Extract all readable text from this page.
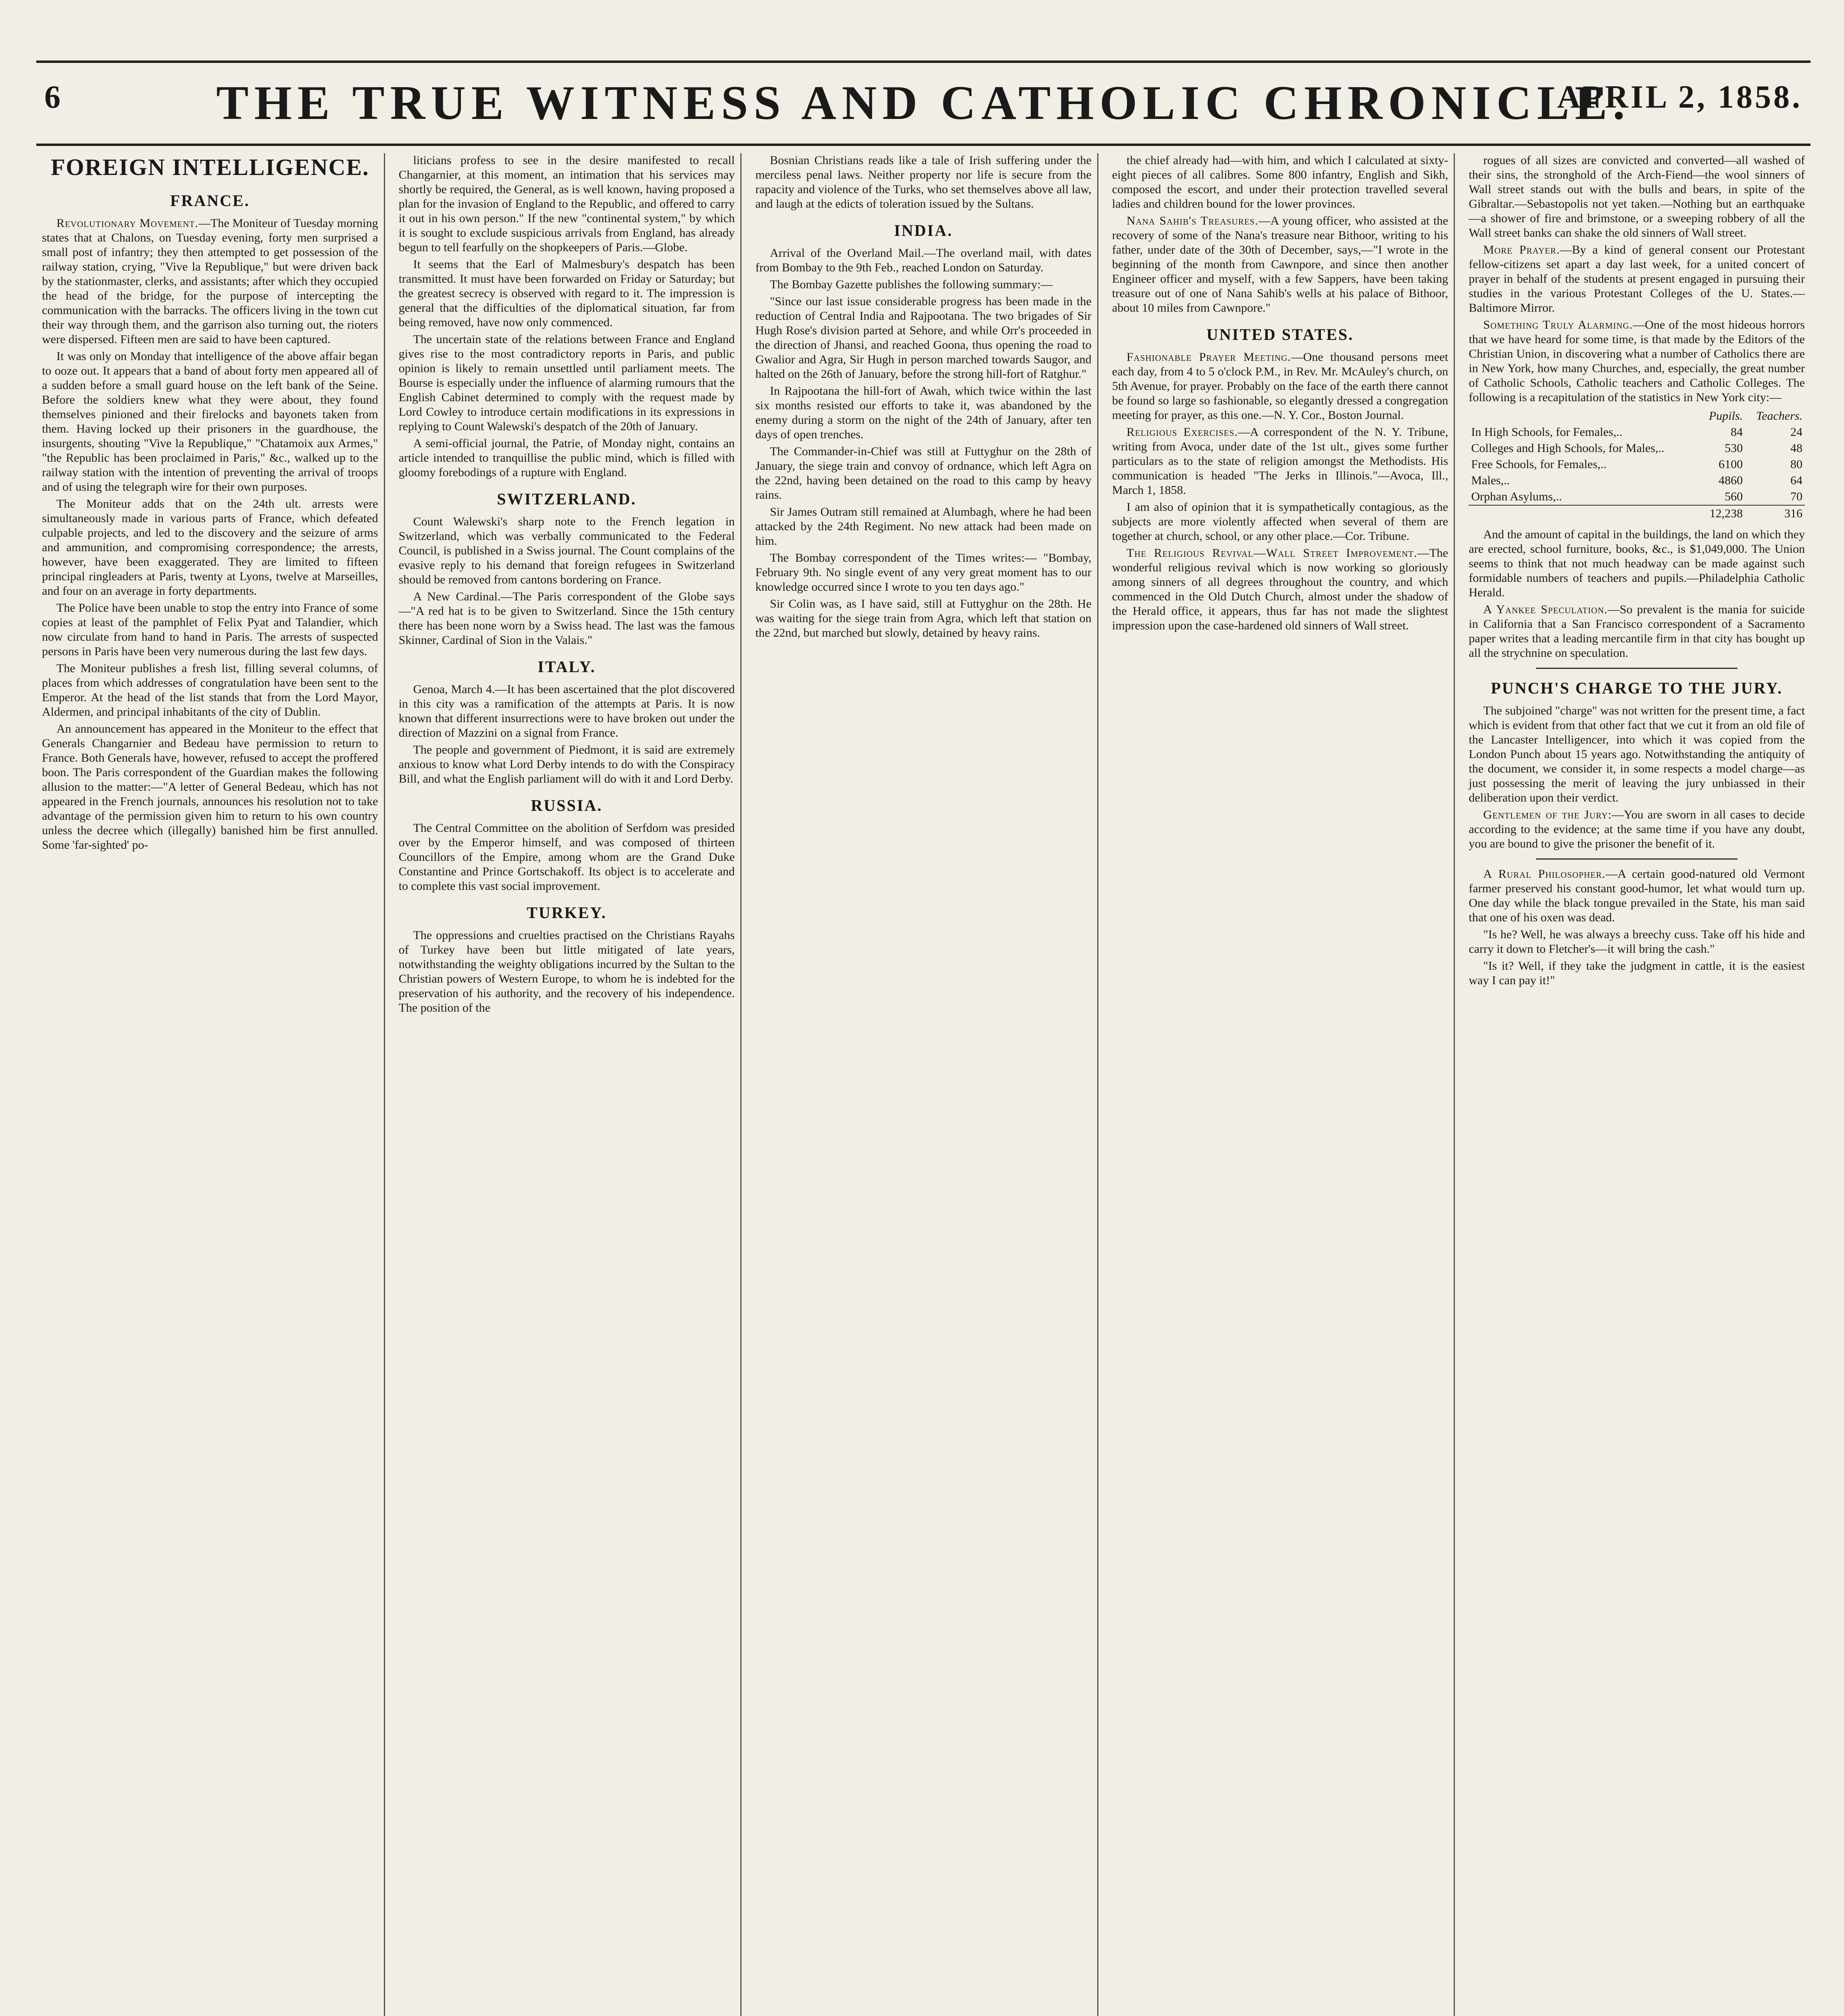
6	THE TRUE WITNESS AND CATHOLIC CHRONICLE.
APRIL 2, 1858.
FOREIGN INTELLIGENCE.
FRANCE.

Revolutionary Movement.—The Moniteur of Tuesday morning states that at Chalons, on Tuesday evening, forty men surprised a small post of infantry; they then attempted to get possession of the railway station, crying, "Vive la Republique," but were driven back by the stationmaster, clerks, and assistants; after which they occupied the head of the bridge, for the purpose of intercepting the communication with the barracks. The officers living in the town cut their way through them, and the garrison also turning out, the rioters were dispersed. Fifteen men are said to have been captured.

It was only on Monday that intelligence of the above affair began to ooze out. It appears that a band of about forty men appeared all of a sudden before a small guard house on the left bank of the Seine. Before the soldiers knew what they were about, they found themselves pinioned and their firelocks and bayonets taken from them. Having locked up their prisoners in the guardhouse, the insurgents, shouting "Vive la Republique," "Chatamoix aux Armes," "the Republic has been proclaimed in Paris," &c., walked up to the railway station with the intention of preventing the arrival of troops and of using the telegraph wire for their own purposes.

The Moniteur adds that on the 24th ult. arrests were simultaneously made in various parts of France, which defeated culpable projects, and led to the discovery and the seizure of arms and ammunition, and compromising correspondence; the arrests, however, have been exaggerated. They are limited to fifteen principal ringleaders at Paris, twenty at Lyons, twelve at Marseilles, and four on an average in forty departments.

The Police have been unable to stop the entry into France of some copies at least of the pamphlet of Felix Pyat and Talandier, which now circulate from hand to hand in Paris. The arrests of suspected persons in Paris have been very numerous during the last few days.

The Moniteur publishes a fresh list, filling several columns, of places from which addresses of congratulation have been sent to the Emperor. At the head of the list stands that from the Lord Mayor, Aldermen, and principal inhabitants of the city of Dublin.

An announcement has appeared in the Moniteur to the effect that Generals Changarnier and Bedeau have permission to return to France. Both Generals have, however, refused to accept the proffered boon. The Paris correspondent of the Guardian makes the following allusion to the matter:—"A letter of General Bedeau, which has not appeared in the French journals, announces his resolution not to take advantage of the permission given him to return to his own country unless the decree which (illegally) banished him be first annulled. Some 'far-sighted' po-

liticians profess to see in the desire manifested to recall Changarnier, at this moment, an intimation that his services may shortly be required, the General, as is well known, having proposed a plan for the invasion of England to the Republic, and offered to carry it out in his own person." If the new "continental system," by which it is sought to exclude suspicious arrivals from England, has already begun to tell fearfully on the shopkeepers of Paris.—Globe.

It seems that the Earl of Malmesbury's despatch has been transmitted. It must have been forwarded on Friday or Saturday; but the greatest secrecy is observed with regard to it. The impression is general that the difficulties of the diplomatical situation, far from being removed, have now only commenced.

The uncertain state of the relations between France and England gives rise to the most contradictory reports in Paris, and public opinion is likely to remain unsettled until parliament meets. The Bourse is especially under the influence of alarming rumours that the English Cabinet determined to comply with the request made by Lord Cowley to introduce certain modifications in its expressions in replying to Count Walewski's despatch of the 20th of January.

A semi-official journal, the Patrie, of Monday night, contains an article intended to tranquillise the public mind, which is filled with gloomy forebodings of a rupture with England.

SWITZERLAND.

Count Walewski's sharp note to the French legation in Switzerland, which was verbally communicated to the Federal Council, is published in a Swiss journal. The Count complains of the evasive reply to his demand that foreign refugees in Switzerland should be removed from cantons bordering on France.

A New Cardinal.—The Paris correspondent of the Globe says—"A red hat is to be given to Switzerland. Since the 15th century there has been none worn by a Swiss head. The last was the famous Skinner, Cardinal of Sion in the Valais."

ITALY.

Genoa, March 4.—It has been ascertained that the plot discovered in this city was a ramification of the attempts at Paris. It is now known that different insurrections were to have broken out under the direction of Mazzini on a signal from France.

The people and government of Piedmont, it is said are extremely anxious to know what Lord Derby intends to do with the Conspiracy Bill, and what the English parliament will do with it and Lord Derby.

RUSSIA.

The Central Committee on the abolition of Serfdom was presided over by the Emperor himself, and was composed of thirteen Councillors of the Empire, among whom are the Grand Duke Constantine and Prince Gortschakoff. Its object is to accelerate and to complete this vast social improvement.

TURKEY.

The oppressions and cruelties practised on the Christians Rayahs of Turkey have been but little mitigated of late years, notwithstanding the weighty obligations incurred by the Sultan to the Christian powers of Western Europe, to whom he is indebted for the preservation of his authority, and the recovery of his independence. The position of the

Bosnian Christians reads like a tale of Irish suffering under the merciless penal laws. Neither property nor life is secure from the rapacity and violence of the Turks, who set themselves above all law, and laugh at the edicts of toleration issued by the Sultans.

INDIA.

Arrival of the Overland Mail.—The overland mail, with dates from Bombay to the 9th Feb., reached London on Saturday.

The Bombay Gazette publishes the following summary:—

"Since our last issue considerable progress has been made in the reduction of Central India and Rajpootana. The two brigades of Sir Hugh Rose's division parted at Sehore, and while Orr's proceeded in the direction of Jhansi, and reached Goona, thus opening the road to Gwalior and Agra, Sir Hugh in person marched towards Saugor, and halted on the 26th of January, before the strong hill-fort of Ratghur."

In Rajpootana the hill-fort of Awah, which twice within the last six months resisted our efforts to take it, was abandoned by the enemy during a storm on the night of the 24th of January, after ten days of open trenches.

The Commander-in-Chief was still at Futtyghur on the 28th of January, the siege train and convoy of ordnance, which left Agra on the 22nd, having been detained on the road to this camp by heavy rains.

Sir James Outram still remained at Alumbagh, where he had been attacked by the 24th Regiment. No new attack had been made on him.

The Bombay correspondent of the Times writes:— "Bombay, February 9th. No single event of any very great moment has to our knowledge occurred since I wrote to you ten days ago."

Sir Colin was, as I have said, still at Futtyghur on the 28th. He was waiting for the siege train from Agra, which left that station on the 22nd, but marched but slowly, detained by heavy rains.

the chief already had—with him, and which I calculated at sixty-eight pieces of all calibres. Some 800 infantry, English and Sikh, composed the escort, and under their protection travelled several ladies and children bound for the lower provinces.

Nana Sahib's Treasures.—A young officer, who assisted at the recovery of some of the Nana's treasure near Bithoor, writing to his father, under date of the 30th of December, says,—"I wrote in the beginning of the month from Cawnpore, and since then another Engineer officer and myself, with a few Sappers, have been taking treasure out of one of Nana Sahib's wells at his palace of Bithoor, about 10 miles from Cawnpore."

UNITED STATES.

Fashionable Prayer Meeting.—One thousand persons meet each day, from 4 to 5 o'clock P.M., in Rev. Mr. McAuley's church, on 5th Avenue, for prayer. Probably on the face of the earth there cannot be found so large so fashionable, so elegantly dressed a congregation meeting for prayer, as this one.—N. Y. Cor., Boston Journal.

Religious Exercises.—A correspondent of the N. Y. Tribune, writing from Avoca, under date of the 1st ult., gives some further particulars as to the state of religion amongst the Methodists. His communication is headed "The Jerks in Illinois."—Avoca, Ill., March 1, 1858.

I am also of opinion that it is sympathetically contagious, as the subjects are more violently affected when several of them are together at church, school, or any other place.—Cor. Tribune.

The Religious Revival—Wall Street Improvement.—The wonderful religious revival which is now working so gloriously among sinners of all degrees throughout the country, and which commenced in the Old Dutch Church, almost under the shadow of the Herald office, it appears, thus far has not made the slightest impression upon the case-hardened old sinners of Wall street.

rogues of all sizes are convicted and converted—all washed of their sins, the stronghold of the Arch-Fiend—the wool sinners of Wall street stands out with the bulls and bears, in spite of the Gibraltar.—Sebastopolis not yet taken.—Nothing but an earthquake—a shower of fire and brimstone, or a sweeping robbery of all the Wall street banks can shake the old sinners of Wall street.

More Prayer.—By a kind of general consent our Protestant fellow-citizens set apart a day last week, for a united concert of prayer in behalf of the students at present engaged in pursuing their studies in the various Protestant Colleges of the U. States.—Baltimore Mirror.

Something Truly Alarming.—One of the most hideous horrors that we have heard for some time, is that made by the Editors of the Christian Union, in discovering what a number of Catholics there are in New York, how many Churches, and, especially, the great number of Catholic Schools, Catholic teachers and Catholic Colleges. The following is a recapitulation of the statistics in New York city:—

	Pupils.	Teachers.
In High Schools, for Females,..	84	24
Colleges and High Schools, for Males,..	530	48
Free Schools, for Females,..	6100	80
Males,..	4860	64
Orphan Asylums,..	560	70
	12,238	316

And the amount of capital in the buildings, the land on which they are erected, school furniture, books, &c., is $1,049,000. The Union seems to think that not much headway can be made against such formidable numbers of teachers and pupils.—Philadelphia Catholic Herald.

A Yankee Speculation.—So prevalent is the mania for suicide in California that a San Francisco correspondent of a Sacramento paper writes that a leading mercantile firm in that city has bought up all the strychnine on speculation.

PUNCH'S CHARGE TO THE JURY.

The subjoined "charge" was not written for the present time, a fact which is evident from that other fact that we cut it from an old file of the Lancaster Intelligencer, into which it was copied from the London Punch about 15 years ago. Notwithstanding the antiquity of the document, we consider it, in some respects a model charge—as just possessing the merit of leaving the jury unbiassed in their deliberation upon their verdict.

Gentlemen of the Jury:—You are sworn in all cases to decide according to the evidence; at the same time if you have any doubt, you are bound to give the prisoner the benefit of it.

A Rural Philosopher.—A certain good-natured old Vermont farmer preserved his constant good-humor, let what would turn up. One day while the black tongue prevailed in the State, his man said that one of his oxen was dead.

"Is he? Well, he was always a breechy cuss. Take off his hide and carry it down to Fletcher's—it will bring the cash."

"Is it? Well, if they take the judgment in cattle, it is the easiest way I can pay it!"
